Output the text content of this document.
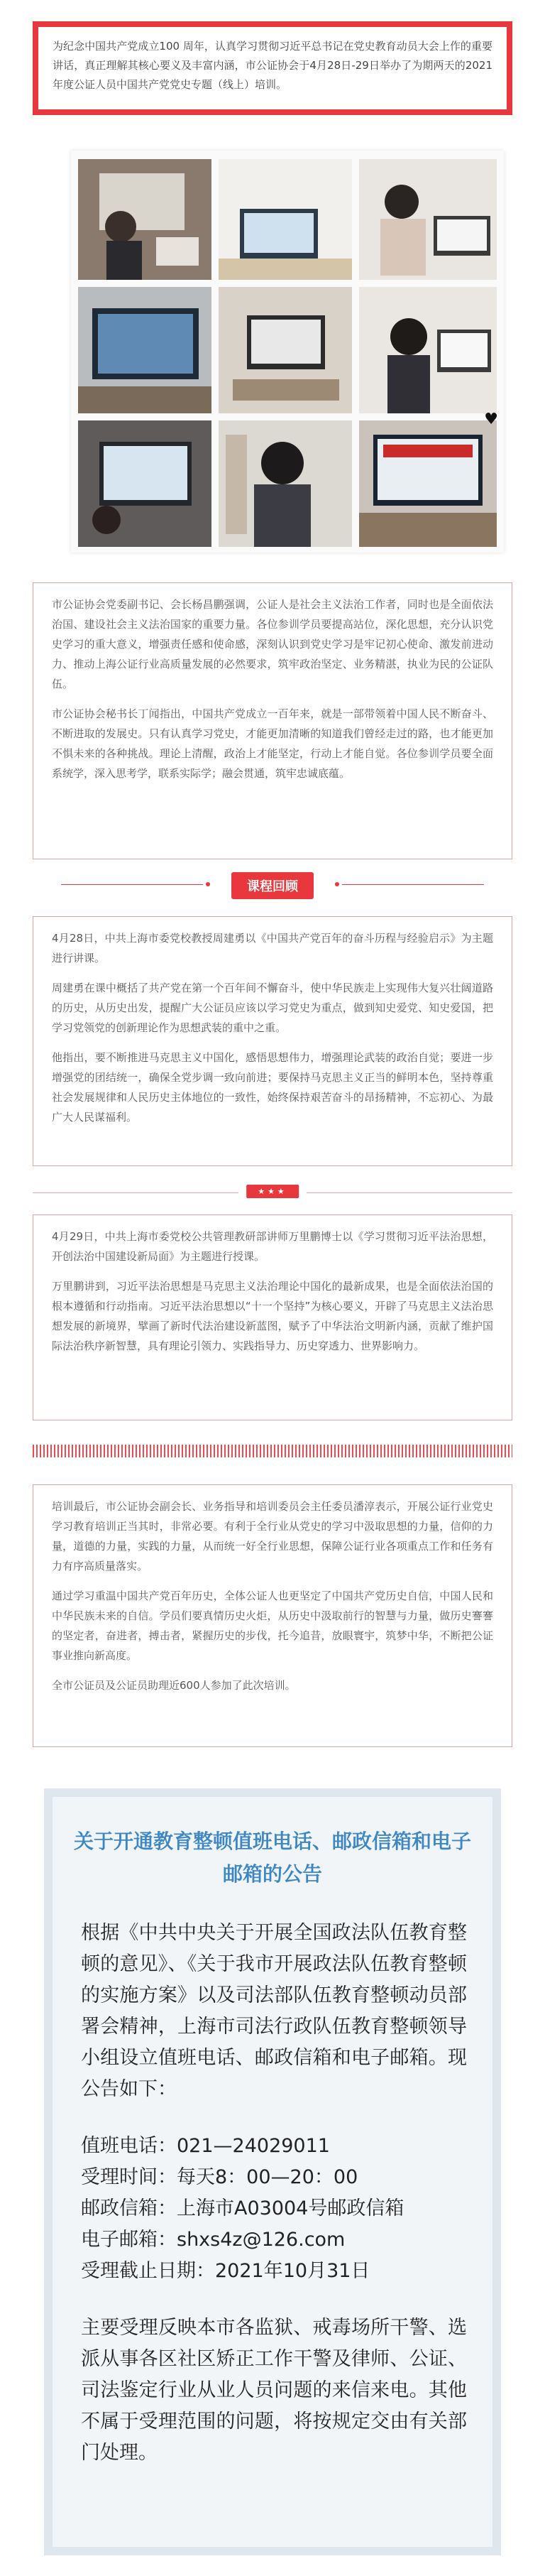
为纪念中国共产党成立100 周年，认真学习贯彻习近平总书记在党史教育动员大会上作的重要讲话，真正理解其核心要义及丰富内涵，市公证协会于4月28日-29日举办了为期两天的2021年度公证人员中国共产党党史专题（线上）培训。
♥

市公证协会党委副书记、会长杨昌鹏强调，公证人是社会主义法治工作者，同时也是全面依法治国、建设社会主义法治国家的重要力量。各位参训学员要提高站位，深化思想，充分认识党史学习的重大意义，增强责任感和使命感，深刻认识到党史学习是牢记初心使命、激发前进动力、推动上海公证行业高质量发展的必然要求，筑牢政治坚定、业务精湛，执业为民的公证队伍。

市公证协会秘书长丁闻指出，中国共产党成立一百年来，就是一部带领着中国人民不断奋斗、不断进取的发展史。只有认真学习党史，才能更加清晰的知道我们曾经走过的路，也才能更加不惧未来的各种挑战。理论上清醒，政治上才能坚定，行动上才能自觉。各位参训学员要全面系统学，深入思考学，联系实际学；融会贯通，筑牢忠诚底蕴。

课程回顾

4月28日，中共上海市委党校教授周建勇以《中国共产党百年的奋斗历程与经验启示》为主题进行讲课。

周建勇在课中概括了共产党在第一个百年间不懈奋斗，使中华民族走上实现伟大复兴壮阔道路的历史，从历史出发，提醒广大公证员应该以学习党史为重点，做到知史爱党、知史爱国，把学习党领党的创新理论作为思想武装的重中之重。

他指出，要不断推进马克思主义中国化，感悟思想伟力，增强理论武装的政治自觉；要进一步增强党的团结统一，确保全党步调一致向前进；要保持马克思主义正当的鲜明本色，坚持尊重社会发展规律和人民历史主体地位的一致性，始终保持艰苦奋斗的昂扬精神，不忘初心、为最广大人民谋福利。

★★★

4月29日，中共上海市委党校公共管理教研部讲师万里鹏博士以《学习贯彻习近平法治思想，开创法治中国建设新局面》为主题进行授课。

万里鹏讲到，习近平法治思想是马克思主义法治理论中国化的最新成果，也是全面依法治国的根本遵循和行动指南。习近平法治思想以“十一个坚持”为核心要义，开辟了马克思主义法治思想发展的新境界，擘画了新时代法治建设新蓝图，赋予了中华法治文明新内涵，贡献了维护国际法治秩序新智慧，具有理论引领力、实践指导力、历史穿透力、世界影响力。

培训最后，市公证协会副会长、业务指导和培训委员会主任委员潘淳表示，开展公证行业党史学习教育培训正当其时，非常必要。有利于全行业从党史的学习中汲取思想的力量，信仰的力量，道德的力量，实践的力量，从而统一好全行业思想，保障公证行业各项重点工作和任务有力有序高质量落实。

通过学习重温中国共产党百年历史，全体公证人也更坚定了中国共产党历史自信，中国人民和中华民族未来的自信。学员们要真情历史火炬，从历史中汲取前行的智慧与力量，做历史謇謇的坚定者，奋进者，搏击者，紧握历史的步伐，托今追昔，放眼寰宇，筑梦中华，不断把公证事业推向新高度。

全市公证员及公证员助理近600人参加了此次培训。

关于开通教育整顿值班电话、邮政信箱和电子邮箱的公告

根据《中共中央关于开展全国政法队伍教育整顿的意见》、《关于我市开展政法队伍教育整顿的实施方案》以及司法部队伍教育整顿动员部署会精神，上海市司法行政队伍教育整顿领导小组设立值班电话、邮政信箱和电子邮箱。现公告如下：

值班电话：021—24029011

受理时间：每天8：00—20：00

邮政信箱：上海市A03004号邮政信箱

电子邮箱：shxs4z@126.com

受理截止日期：2021年10月31日

主要受理反映本市各监狱、戒毒场所干警、选派从事各区社区矫正工作干警及律师、公证、司法鉴定行业从业人员问题的来信来电。其他不属于受理范围的问题，将按规定交由有关部门处理。
